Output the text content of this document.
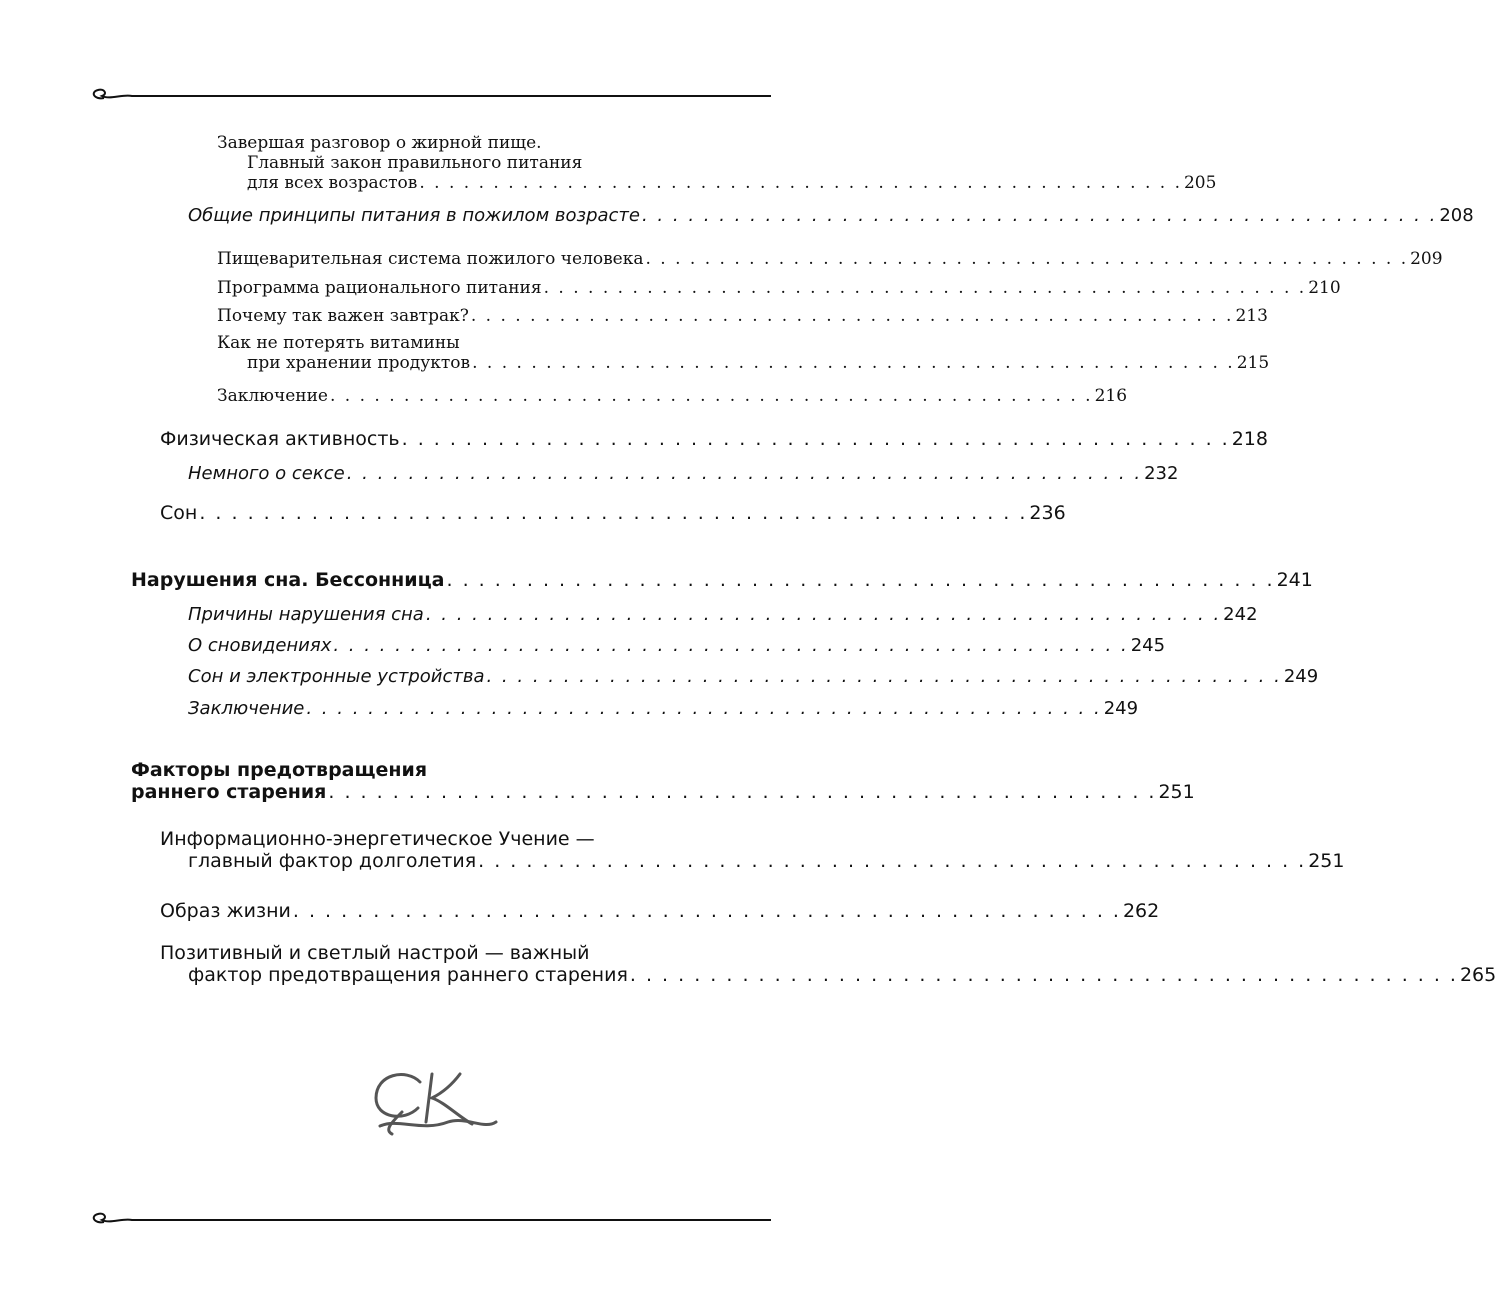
Завершая разговор о жирной пище.
Главный закон правильного питания
для всех возрастов . . . . . . . . . . . . . . . . . . . . . . . . . . . . . . . . . . . . . . . . . . . . . . . . . . . . 205
Общие принципы питания в пожилом возрасте . . . . . . . . . . . . . . . . . . . . . . . . . . . . . . . . . . . . . . . . . . . . . . . . . . . . 208
Пищеварительная система пожилого человека . . . . . . . . . . . . . . . . . . . . . . . . . . . . . . . . . . . . . . . . . . . . . . . . . . . . 209
Программа рационального питания . . . . . . . . . . . . . . . . . . . . . . . . . . . . . . . . . . . . . . . . . . . . . . . . . . . . 210
Почему так важен завтрак? . . . . . . . . . . . . . . . . . . . . . . . . . . . . . . . . . . . . . . . . . . . . . . . . . . . . 213
Как не потерять витамины
при хранении продуктов . . . . . . . . . . . . . . . . . . . . . . . . . . . . . . . . . . . . . . . . . . . . . . . . . . . . 215
Заключение . . . . . . . . . . . . . . . . . . . . . . . . . . . . . . . . . . . . . . . . . . . . . . . . . . . . 216
Физическая активность . . . . . . . . . . . . . . . . . . . . . . . . . . . . . . . . . . . . . . . . . . . . . . . . . . . . 218
Немного о сексе . . . . . . . . . . . . . . . . . . . . . . . . . . . . . . . . . . . . . . . . . . . . . . . . . . . . 232
Сон . . . . . . . . . . . . . . . . . . . . . . . . . . . . . . . . . . . . . . . . . . . . . . . . . . . . 236
Нарушения сна. Бессонница . . . . . . . . . . . . . . . . . . . . . . . . . . . . . . . . . . . . . . . . . . . . . . . . . . . . 241
Причины нарушения сна . . . . . . . . . . . . . . . . . . . . . . . . . . . . . . . . . . . . . . . . . . . . . . . . . . . . 242
О сновидениях . . . . . . . . . . . . . . . . . . . . . . . . . . . . . . . . . . . . . . . . . . . . . . . . . . . . 245
Сон и электронные устройства . . . . . . . . . . . . . . . . . . . . . . . . . . . . . . . . . . . . . . . . . . . . . . . . . . . . 249
Заключение . . . . . . . . . . . . . . . . . . . . . . . . . . . . . . . . . . . . . . . . . . . . . . . . . . . . 249
Факторы предотвращения
раннего старения . . . . . . . . . . . . . . . . . . . . . . . . . . . . . . . . . . . . . . . . . . . . . . . . . . . . 251
Информационно-энергетическое Учение —
главный фактор долголетия . . . . . . . . . . . . . . . . . . . . . . . . . . . . . . . . . . . . . . . . . . . . . . . . . . . . 251
Образ жизни . . . . . . . . . . . . . . . . . . . . . . . . . . . . . . . . . . . . . . . . . . . . . . . . . . . . 262
Позитивный и светлый настрой — важный
фактор предотвращения раннего старения . . . . . . . . . . . . . . . . . . . . . . . . . . . . . . . . . . . . . . . . . . . . . . . . . . . . 265
CK
